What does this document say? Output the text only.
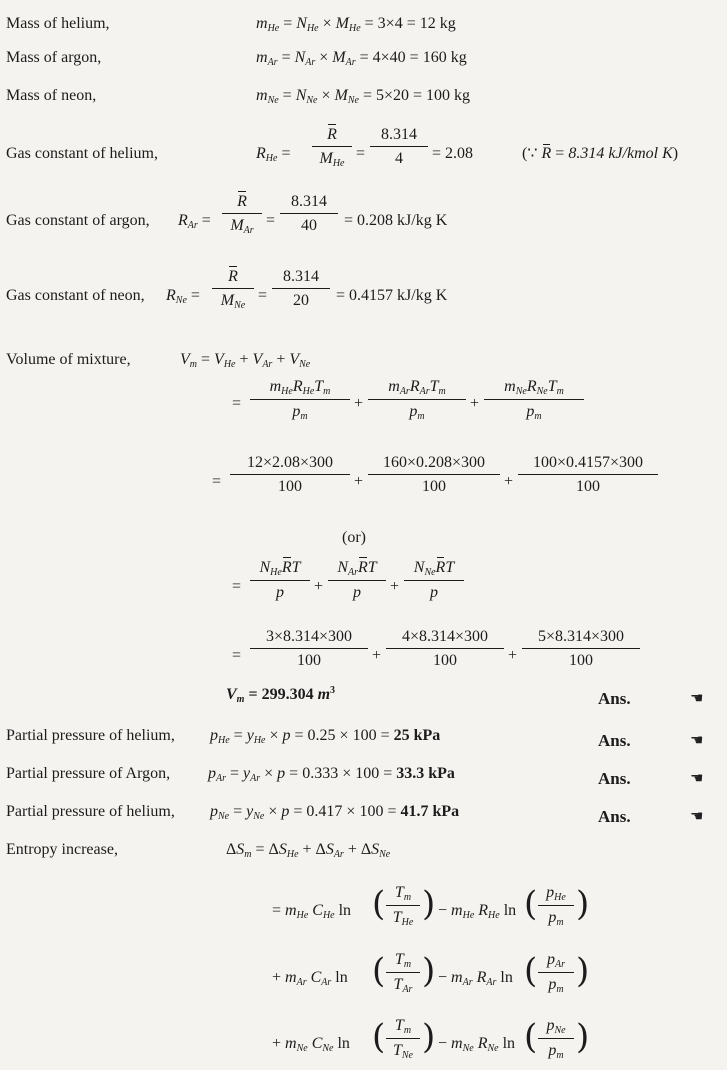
Mass of helium,	$m_{He} = N_{He} \times M_{He} = 3\times 4 = 12$ kg
Mass of argon,	$m_{Ar} = N_{Ar} \times M_{Ar} = 4\times 40 = 160$ kg
Mass of neon,	$m_{Ne} = N_{Ne} \times M_{Ne} = 5\times 20 = 100$ kg
Gas constant of helium,	$R_{He}$ =
R
$M_{He}$
=
8.314
4	= 2.08	(∵ R = 8.314 kJ/kmol K)
Gas constant of argon, $R_{Ar}$ =
R
$M_{Ar}$
=
8.314
40	= 0.208 kJ/kg K
Gas constant of neon, $R_{Ne}$ =
R
$M_{Ne}$
=
8.314
20	= 0.4157 kJ/kg K
Volume of mixture,	$V_m = V_{He} + V_{Ar} + V_{Ne}$
=
$m_{He}R_{He}T_m$
$p_m$
+
$m_{Ar}R_{Ar}T_m$
$p_m$
+
$m_{Ne}R_{Ne}T_m$
$p_m$
=
12×2.08×300
100	+
160×0.208×300
100	+
100×0.4157×300
100
(or)
=
$N_{He}RT$
p	+
$N_{Ar}RT$
p	+
$N_{Ne}RT$
p
=
3×8.314×300
100	+
4×8.314×300
100	+
5×8.314×300
100
$V_m = 299.304$ $m^3$	Ans.	☚
Partial pressure of helium, $p_{He} = y_{He} \times p = 0.25 \times 100 = 25$ kPa	Ans.	☚
Partial pressure of Argon, $p_{Ar} = y_{Ar} \times p = 0.333 \times 100 = 33.3$ kPa	Ans.	☚
Partial pressure of helium, $p_{Ne} = y_{Ne} \times p = 0.417 \times 100 = 41.7$ kPa	Ans.	☚
Entropy increase,	$\Delta S_m = \Delta S_{He} + \Delta S_{Ar} + \Delta S_{Ne}$
= $m_{He}$ $C_{He}$ ln ( $T_m$
$T_{He}$ ) − $m_{He}$ $R_{He}$ ln ( $p_{He}$
$p_m$ )
+ $m_{Ar}$ $C_{Ar}$ ln ( $T_m$
$T_{Ar}$ ) − $m_{Ar}$ $R_{Ar}$ ln ( $p_{Ar}$
$p_m$ )
+ $m_{Ne}$ $C_{Ne}$ ln ( $T_m$
$T_{Ne}$ ) − $m_{Ne}$ $R_{Ne}$ ln ( $p_{Ne}$
$p_m$ )
